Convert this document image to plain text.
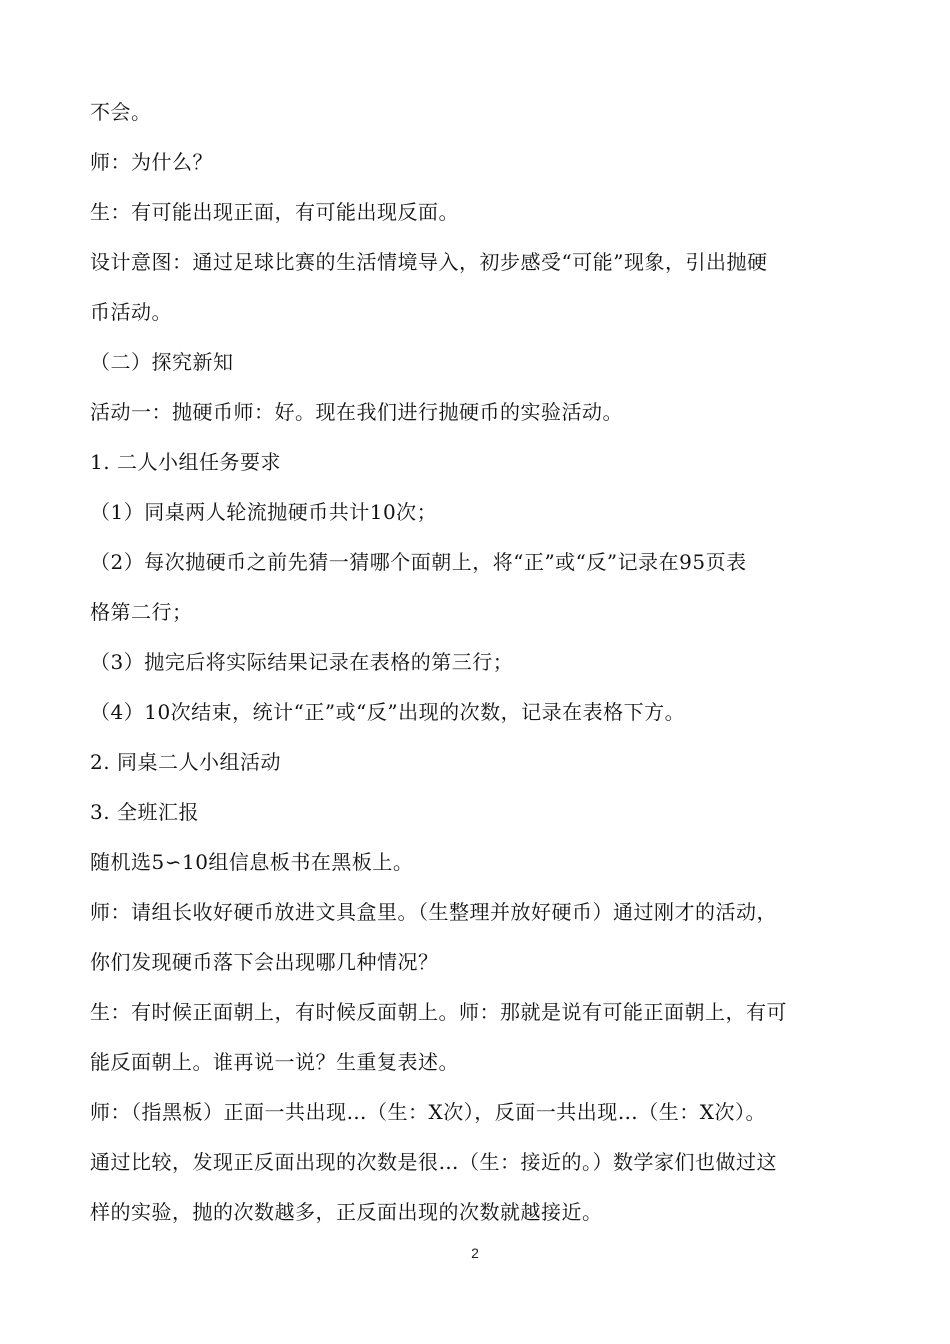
不会。
师：为什么？
生：有可能出现正面，有可能出现反面。
设计意图：通过足球比赛的生活情境导入，初步感受“可能”现象，引出抛硬
币活动。
（二）探究新知
活动一：抛硬币师：好。现在我们进行抛硬币的实验活动。
1. 二人小组任务要求
（1）同桌两人轮流抛硬币共计10次；
（2）每次抛硬币之前先猜一猜哪个面朝上，将“正”或“反”记录在95页表
格第二行；
（3）抛完后将实际结果记录在表格的第三行；
（4）10次结束，统计“正”或“反”出现的次数，记录在表格下方。
2. 同桌二人小组活动
3. 全班汇报
随机选5∽10组信息板书在黑板上。
师：请组长收好硬币放进文具盒里。（生整理并放好硬币）通过刚才的活动，
你们发现硬币落下会出现哪几种情况？
生：有时候正面朝上，有时候反面朝上。师：那就是说有可能正面朝上，有可
能反面朝上。谁再说一说？生重复表述。
师：（指黑板）正面一共出现…（生：X次），反面一共出现…（生：X次）。
通过比较，发现正反面出现的次数是很…（生：接近的。）数学家们也做过这
样的实验，抛的次数越多，正反面出现的次数就越接近。
2
